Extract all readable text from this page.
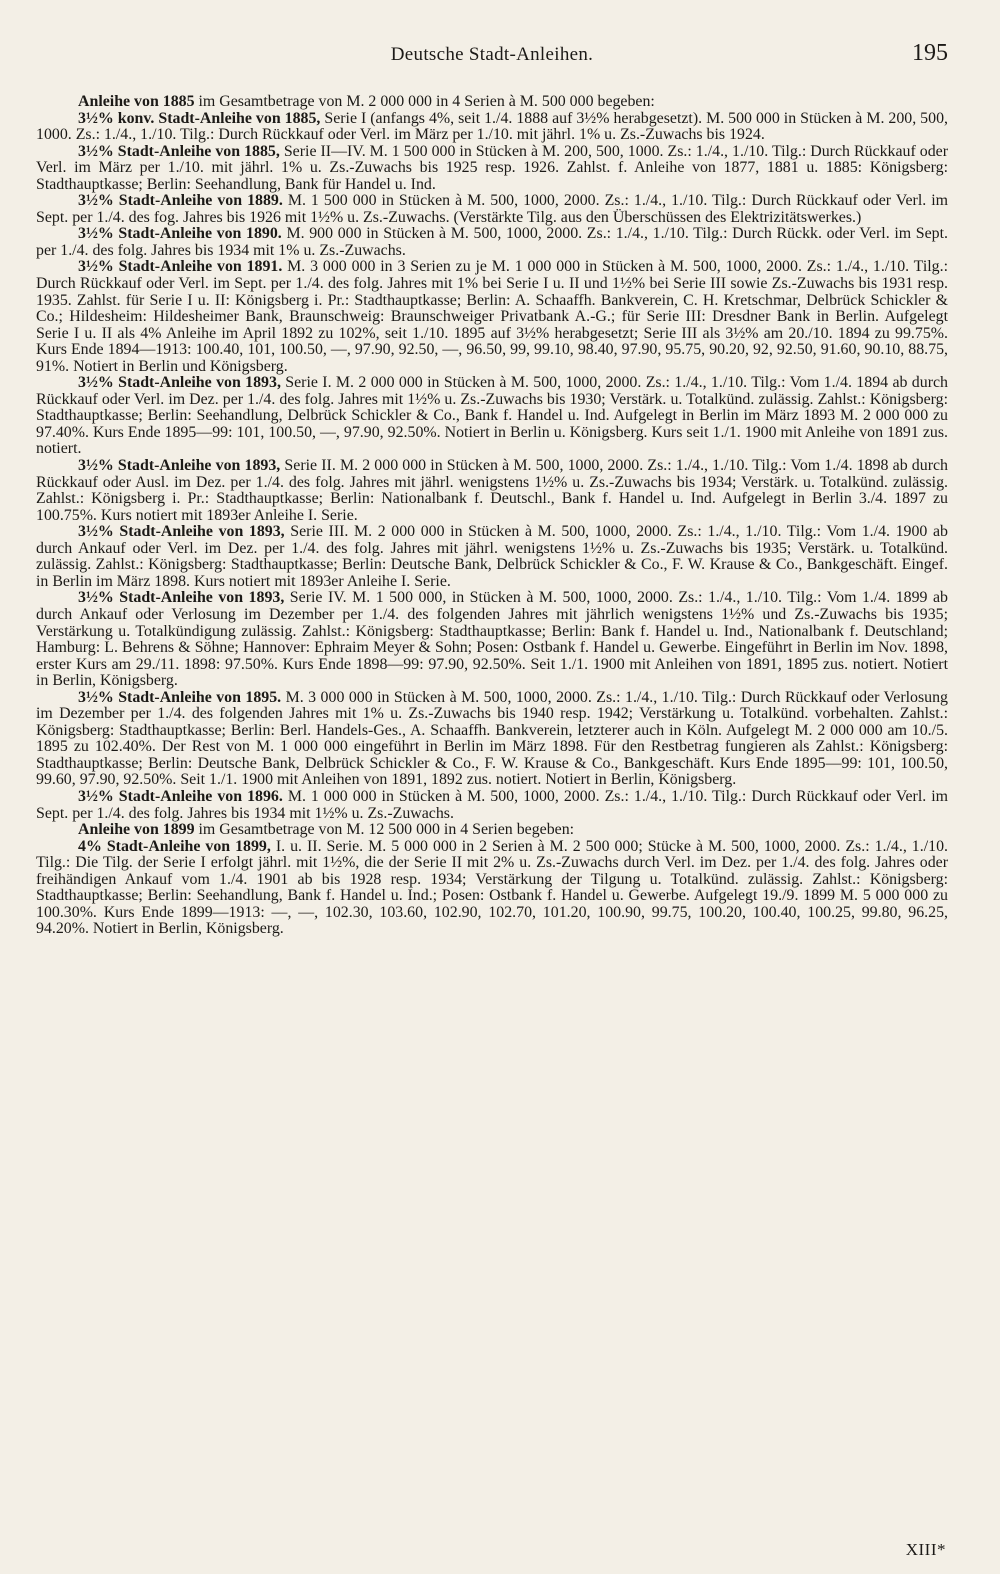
Deutsche Stadt-Anleihen.	195

Anleihe von 1885 im Gesamtbetrage von M. 2 000 000 in 4 Serien à M. 500 000 begeben:

3½% konv. Stadt-Anleihe von 1885, Serie I (anfangs 4%, seit 1./4. 1888 auf 3½% herabgesetzt). M. 500 000 in Stücken à M. 200, 500, 1000. Zs.: 1./4., 1./10. Tilg.: Durch Rückkauf oder Verl. im März per 1./10. mit jährl. 1% u. Zs.-Zuwachs bis 1924.

3½% Stadt-Anleihe von 1885, Serie II—IV. M. 1 500 000 in Stücken à M. 200, 500, 1000. Zs.: 1./4., 1./10. Tilg.: Durch Rückkauf oder Verl. im März per 1./10. mit jährl. 1% u. Zs.-Zuwachs bis 1925 resp. 1926. Zahlst. f. Anleihe von 1877, 1881 u. 1885: Königsberg: Stadthauptkasse; Berlin: Seehandlung, Bank für Handel u. Ind.

3½% Stadt-Anleihe von 1889. M. 1 500 000 in Stücken à M. 500, 1000, 2000. Zs.: 1./4., 1./10. Tilg.: Durch Rückkauf oder Verl. im Sept. per 1./4. des fog. Jahres bis 1926 mit 1½% u. Zs.-Zuwachs. (Verstärkte Tilg. aus den Überschüssen des Elektrizitätswerkes.)

3½% Stadt-Anleihe von 1890. M. 900 000 in Stücken à M. 500, 1000, 2000. Zs.: 1./4., 1./10. Tilg.: Durch Rückk. oder Verl. im Sept. per 1./4. des folg. Jahres bis 1934 mit 1% u. Zs.-Zuwachs.

3½% Stadt-Anleihe von 1891. M. 3 000 000 in 3 Serien zu je M. 1 000 000 in Stücken à M. 500, 1000, 2000. Zs.: 1./4., 1./10. Tilg.: Durch Rückkauf oder Verl. im Sept. per 1./4. des folg. Jahres mit 1% bei Serie I u. II und 1½% bei Serie III sowie Zs.-Zuwachs bis 1931 resp. 1935. Zahlst. für Serie I u. II: Königsberg i. Pr.: Stadthauptkasse; Berlin: A. Schaaffh. Bankverein, C. H. Kretschmar, Delbrück Schickler & Co.; Hildesheim: Hildesheimer Bank, Braunschweig: Braunschweiger Privatbank A.-G.; für Serie III: Dresdner Bank in Berlin. Aufgelegt Serie I u. II als 4% Anleihe im April 1892 zu 102%, seit 1./10. 1895 auf 3½% herabgesetzt; Serie III als 3½% am 20./10. 1894 zu 99.75%. Kurs Ende 1894—1913: 100.40, 101, 100.50, —, 97.90, 92.50, —, 96.50, 99, 99.10, 98.40, 97.90, 95.75, 90.20, 92, 92.50, 91.60, 90.10, 88.75, 91%. Notiert in Berlin und Königsberg.

3½% Stadt-Anleihe von 1893, Serie I. M. 2 000 000 in Stücken à M. 500, 1000, 2000. Zs.: 1./4., 1./10. Tilg.: Vom 1./4. 1894 ab durch Rückkauf oder Verl. im Dez. per 1./4. des folg. Jahres mit 1½% u. Zs.-Zuwachs bis 1930; Verstärk. u. Totalkünd. zulässig. Zahlst.: Königsberg: Stadthauptkasse; Berlin: Seehandlung, Delbrück Schickler & Co., Bank f. Handel u. Ind. Aufgelegt in Berlin im März 1893 M. 2 000 000 zu 97.40%. Kurs Ende 1895—99: 101, 100.50, —, 97.90, 92.50%. Notiert in Berlin u. Königsberg. Kurs seit 1./1. 1900 mit Anleihe von 1891 zus. notiert.

3½% Stadt-Anleihe von 1893, Serie II. M. 2 000 000 in Stücken à M. 500, 1000, 2000. Zs.: 1./4., 1./10. Tilg.: Vom 1./4. 1898 ab durch Rückkauf oder Ausl. im Dez. per 1./4. des folg. Jahres mit jährl. wenigstens 1½% u. Zs.-Zuwachs bis 1934; Verstärk. u. Totalkünd. zulässig. Zahlst.: Königsberg i. Pr.: Stadthauptkasse; Berlin: Nationalbank f. Deutschl., Bank f. Handel u. Ind. Aufgelegt in Berlin 3./4. 1897 zu 100.75%. Kurs notiert mit 1893er Anleihe I. Serie.

3½% Stadt-Anleihe von 1893, Serie III. M. 2 000 000 in Stücken à M. 500, 1000, 2000. Zs.: 1./4., 1./10. Tilg.: Vom 1./4. 1900 ab durch Ankauf oder Verl. im Dez. per 1./4. des folg. Jahres mit jährl. wenigstens 1½% u. Zs.-Zuwachs bis 1935; Verstärk. u. Totalkünd. zulässig. Zahlst.: Königsberg: Stadthauptkasse; Berlin: Deutsche Bank, Delbrück Schickler & Co., F. W. Krause & Co., Bankgeschäft. Eingef. in Berlin im März 1898. Kurs notiert mit 1893er Anleihe I. Serie.

3½% Stadt-Anleihe von 1893, Serie IV. M. 1 500 000, in Stücken à M. 500, 1000, 2000. Zs.: 1./4., 1./10. Tilg.: Vom 1./4. 1899 ab durch Ankauf oder Verlosung im Dezember per 1./4. des folgenden Jahres mit jährlich wenigstens 1½% und Zs.-Zuwachs bis 1935; Verstärkung u. Totalkündigung zulässig. Zahlst.: Königsberg: Stadthauptkasse; Berlin: Bank f. Handel u. Ind., Nationalbank f. Deutschland; Hamburg: L. Behrens & Söhne; Hannover: Ephraim Meyer & Sohn; Posen: Ostbank f. Handel u. Gewerbe. Eingeführt in Berlin im Nov. 1898, erster Kurs am 29./11. 1898: 97.50%. Kurs Ende 1898—99: 97.90, 92.50%. Seit 1./1. 1900 mit Anleihen von 1891, 1895 zus. notiert. Notiert in Berlin, Königsberg.

3½% Stadt-Anleihe von 1895. M. 3 000 000 in Stücken à M. 500, 1000, 2000. Zs.: 1./4., 1./10. Tilg.: Durch Rückkauf oder Verlosung im Dezember per 1./4. des folgenden Jahres mit 1% u. Zs.-Zuwachs bis 1940 resp. 1942; Verstärkung u. Totalkünd. vorbehalten. Zahlst.: Königsberg: Stadthauptkasse; Berlin: Berl. Handels-Ges., A. Schaaffh. Bankverein, letzterer auch in Köln. Aufgelegt M. 2 000 000 am 10./5. 1895 zu 102.40%. Der Rest von M. 1 000 000 eingeführt in Berlin im März 1898. Für den Restbetrag fungieren als Zahlst.: Königsberg: Stadthauptkasse; Berlin: Deutsche Bank, Delbrück Schickler & Co., F. W. Krause & Co., Bankgeschäft. Kurs Ende 1895—99: 101, 100.50, 99.60, 97.90, 92.50%. Seit 1./1. 1900 mit Anleihen von 1891, 1892 zus. notiert. Notiert in Berlin, Königsberg.

3½% Stadt-Anleihe von 1896. M. 1 000 000 in Stücken à M. 500, 1000, 2000. Zs.: 1./4., 1./10. Tilg.: Durch Rückkauf oder Verl. im Sept. per 1./4. des folg. Jahres bis 1934 mit 1½% u. Zs.-Zuwachs.

Anleihe von 1899 im Gesamtbetrage von M. 12 500 000 in 4 Serien begeben:

4% Stadt-Anleihe von 1899, I. u. II. Serie. M. 5 000 000 in 2 Serien à M. 2 500 000; Stücke à M. 500, 1000, 2000. Zs.: 1./4., 1./10. Tilg.: Die Tilg. der Serie I erfolgt jährl. mit 1½%, die der Serie II mit 2% u. Zs.-Zuwachs durch Verl. im Dez. per 1./4. des folg. Jahres oder freihändigen Ankauf vom 1./4. 1901 ab bis 1928 resp. 1934; Verstärkung der Tilgung u. Totalkünd. zulässig. Zahlst.: Königsberg: Stadthauptkasse; Berlin: Seehandlung, Bank f. Handel u. Ind.; Posen: Ostbank f. Handel u. Gewerbe. Aufgelegt 19./9. 1899 M. 5 000 000 zu 100.30%. Kurs Ende 1899—1913: —, —, 102.30, 103.60, 102.90, 102.70, 101.20, 100.90, 99.75, 100.20, 100.40, 100.25, 99.80, 96.25, 94.20%. Notiert in Berlin, Königsberg.

XIII*
